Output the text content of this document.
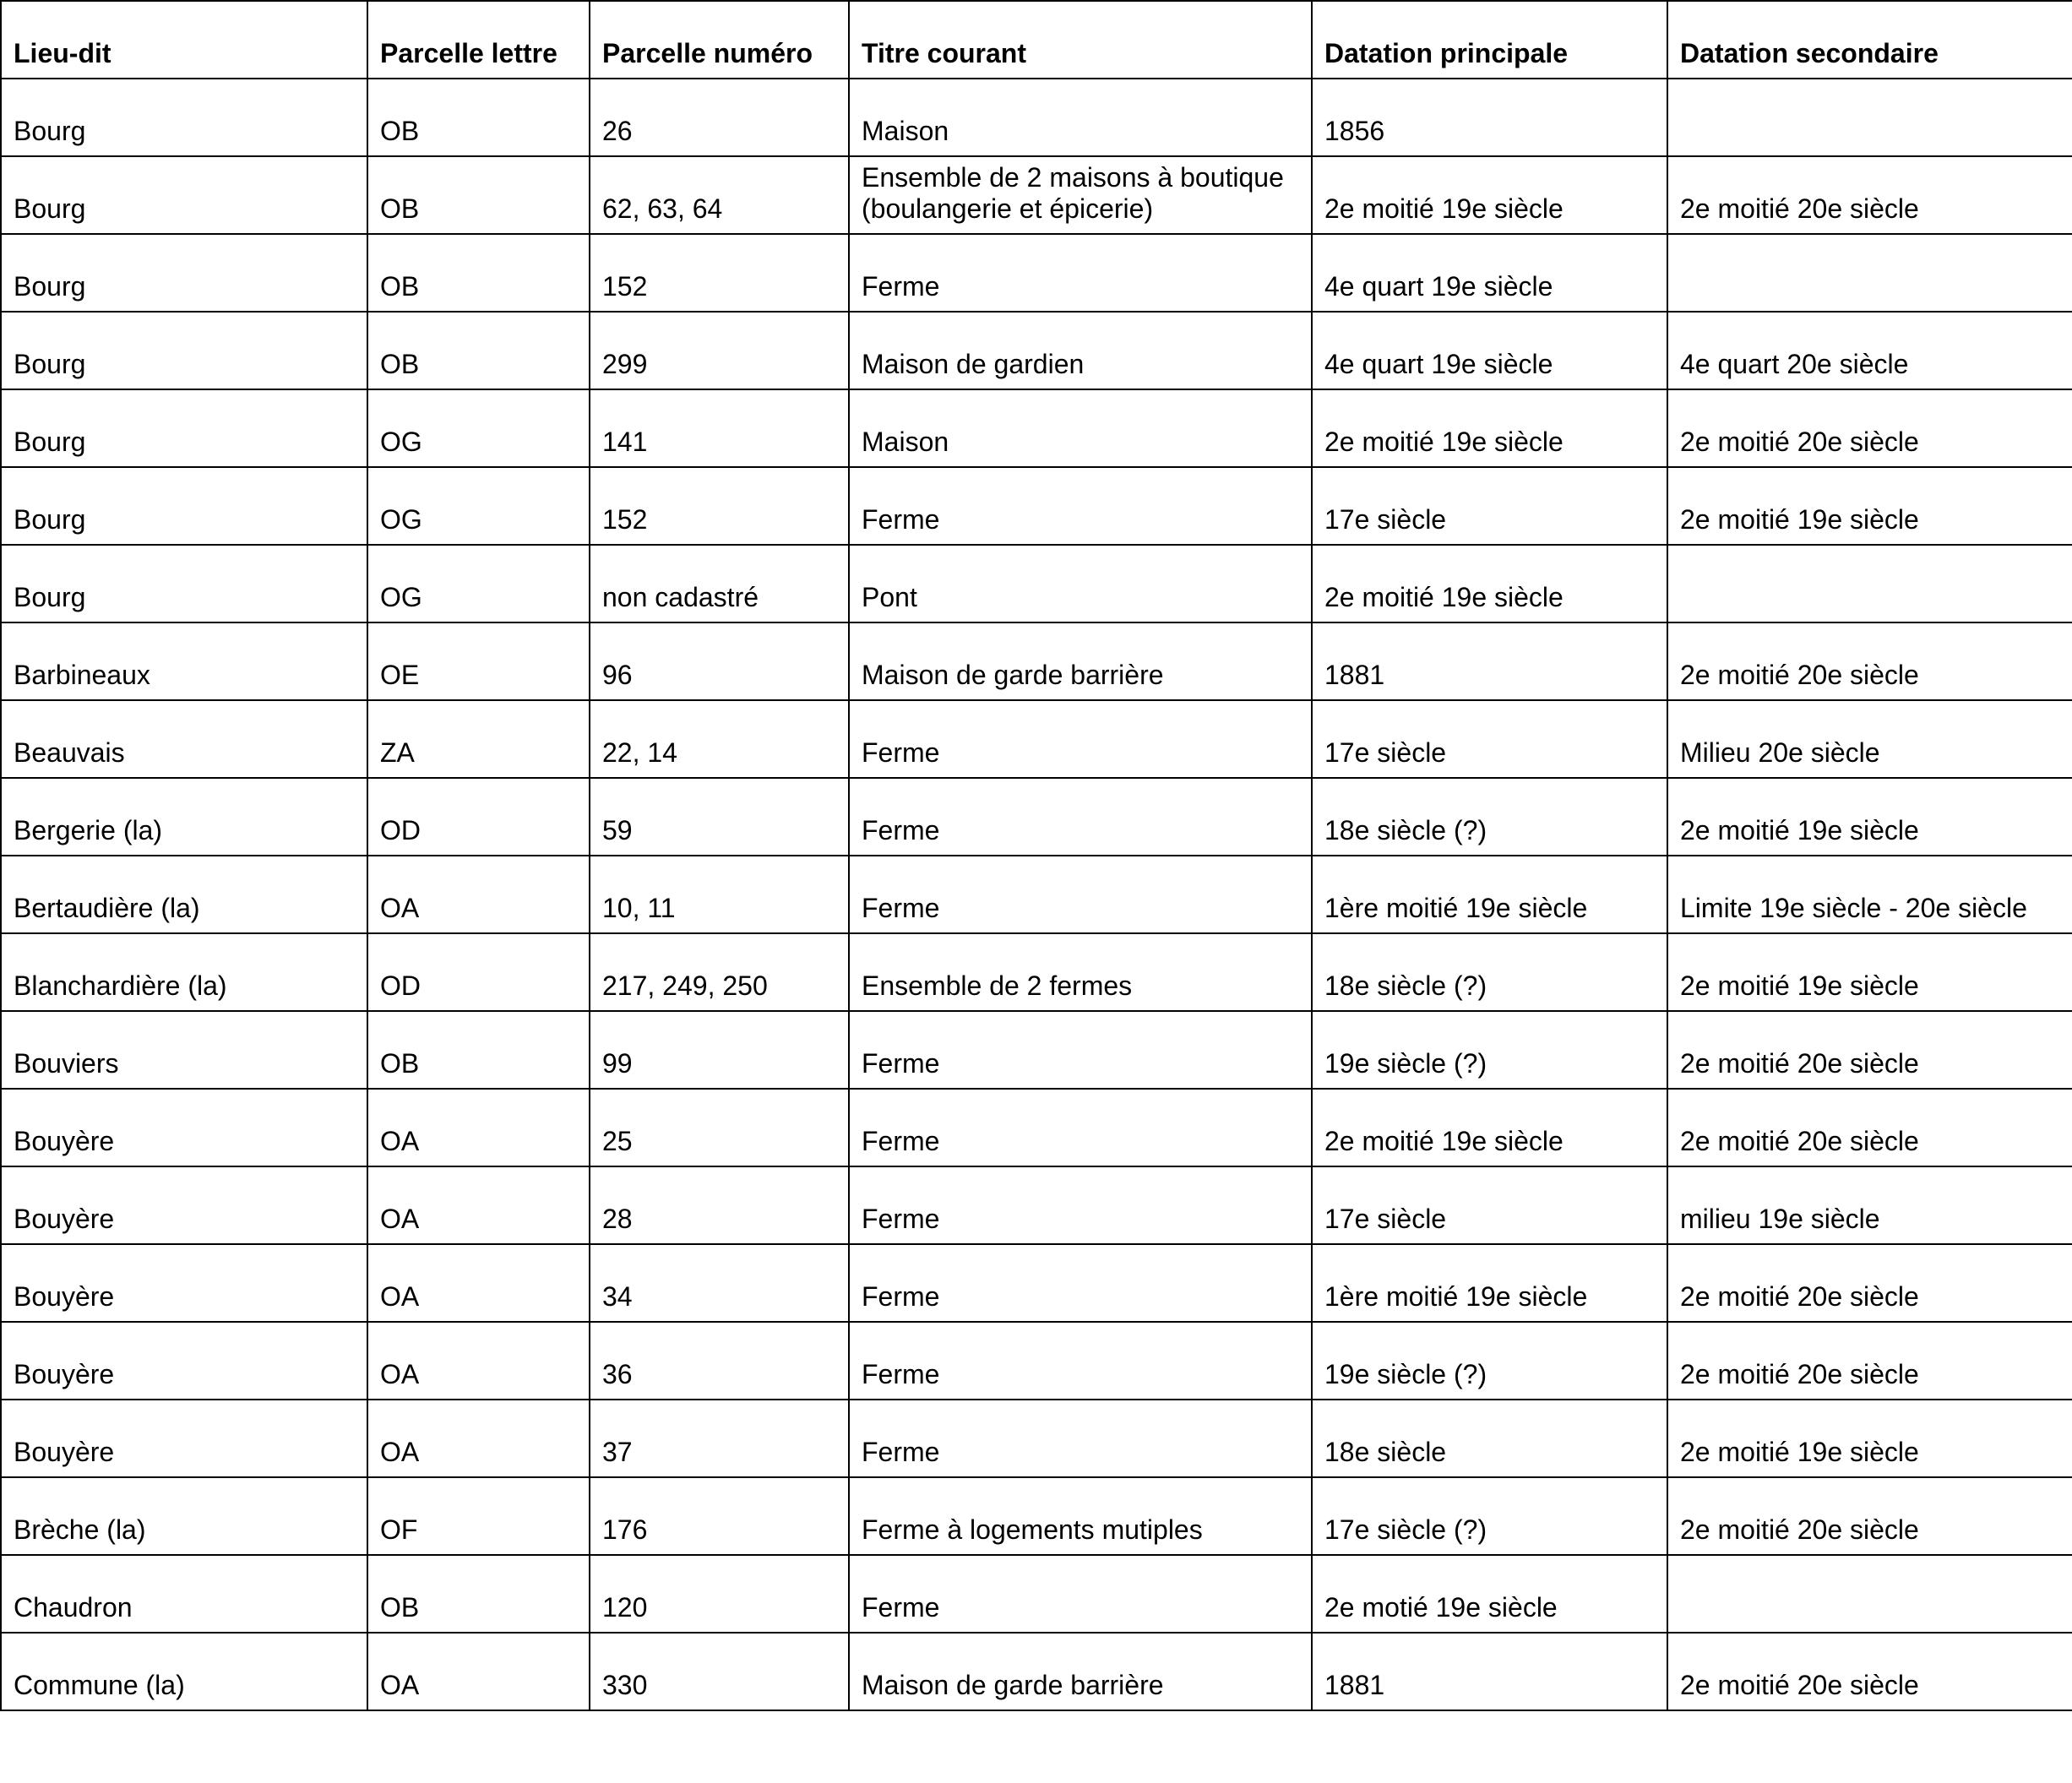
Lieu-dit	Parcelle lettre	Parcelle numéro	Titre courant	Datation principale	Datation secondaire
Bourg	OB	26	Maison	1856	
Bourg	OB	62, 63, 64	Ensemble de 2 maisons à boutique (boulangerie et épicerie)	2e moitié 19e siècle	2e moitié 20e siècle
Bourg	OB	152	Ferme	4e quart 19e siècle	
Bourg	OB	299	Maison de gardien	4e quart 19e siècle	4e quart 20e siècle
Bourg	OG	141	Maison	2e moitié 19e siècle	2e moitié 20e siècle
Bourg	OG	152	Ferme	17e siècle	2e moitié 19e siècle
Bourg	OG	non cadastré	Pont	2e moitié 19e siècle	
Barbineaux	OE	96	Maison de garde barrière	1881	2e moitié 20e siècle
Beauvais	ZA	22, 14	Ferme	17e siècle	Milieu 20e siècle
Bergerie (la)	OD	59	Ferme	18e siècle (?)	2e moitié 19e siècle
Bertaudière (la)	OA	10, 11	Ferme	1ère moitié 19e siècle	Limite 19e siècle - 20e siècle
Blanchardière (la)	OD	217, 249, 250	Ensemble de 2 fermes	18e siècle (?)	2e moitié 19e siècle
Bouviers	OB	99	Ferme	19e siècle (?)	2e moitié 20e siècle
Bouyère	OA	25	Ferme	2e moitié 19e siècle	2e moitié 20e siècle
Bouyère	OA	28	Ferme	17e siècle	milieu 19e siècle
Bouyère	OA	34	Ferme	1ère moitié 19e siècle	2e moitié 20e siècle
Bouyère	OA	36	Ferme	19e siècle (?)	2e moitié 20e siècle
Bouyère	OA	37	Ferme	18e siècle	2e moitié 19e siècle
Brèche (la)	OF	176	Ferme à logements mutiples	17e siècle (?)	2e moitié 20e siècle
Chaudron	OB	120	Ferme	2e motié 19e siècle	
Commune (la)	OA	330	Maison de garde barrière	1881	2e moitié 20e siècle
